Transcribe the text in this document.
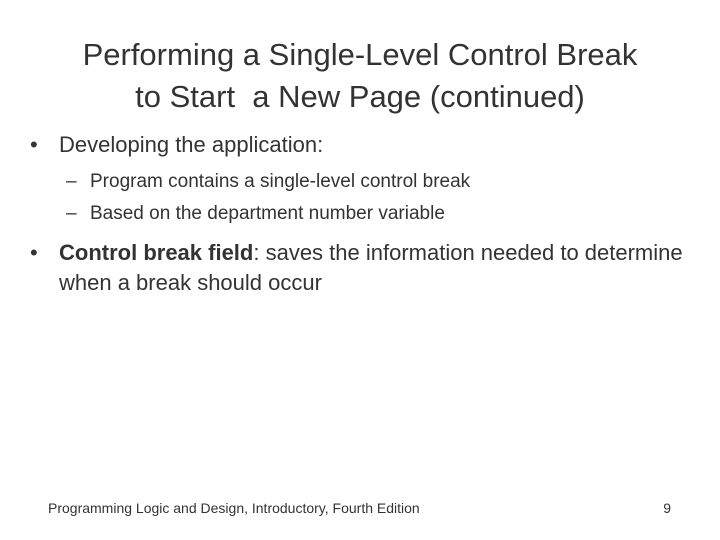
Performing a Single-Level Control Break
to Start  a New Page (continued)
• Developing the application:
– Program contains a single-level control break
– Based on the department number variable
• Control break field: saves the information needed to determine when a break should occur
Programming Logic and Design, Introductory, Fourth Edition	9
